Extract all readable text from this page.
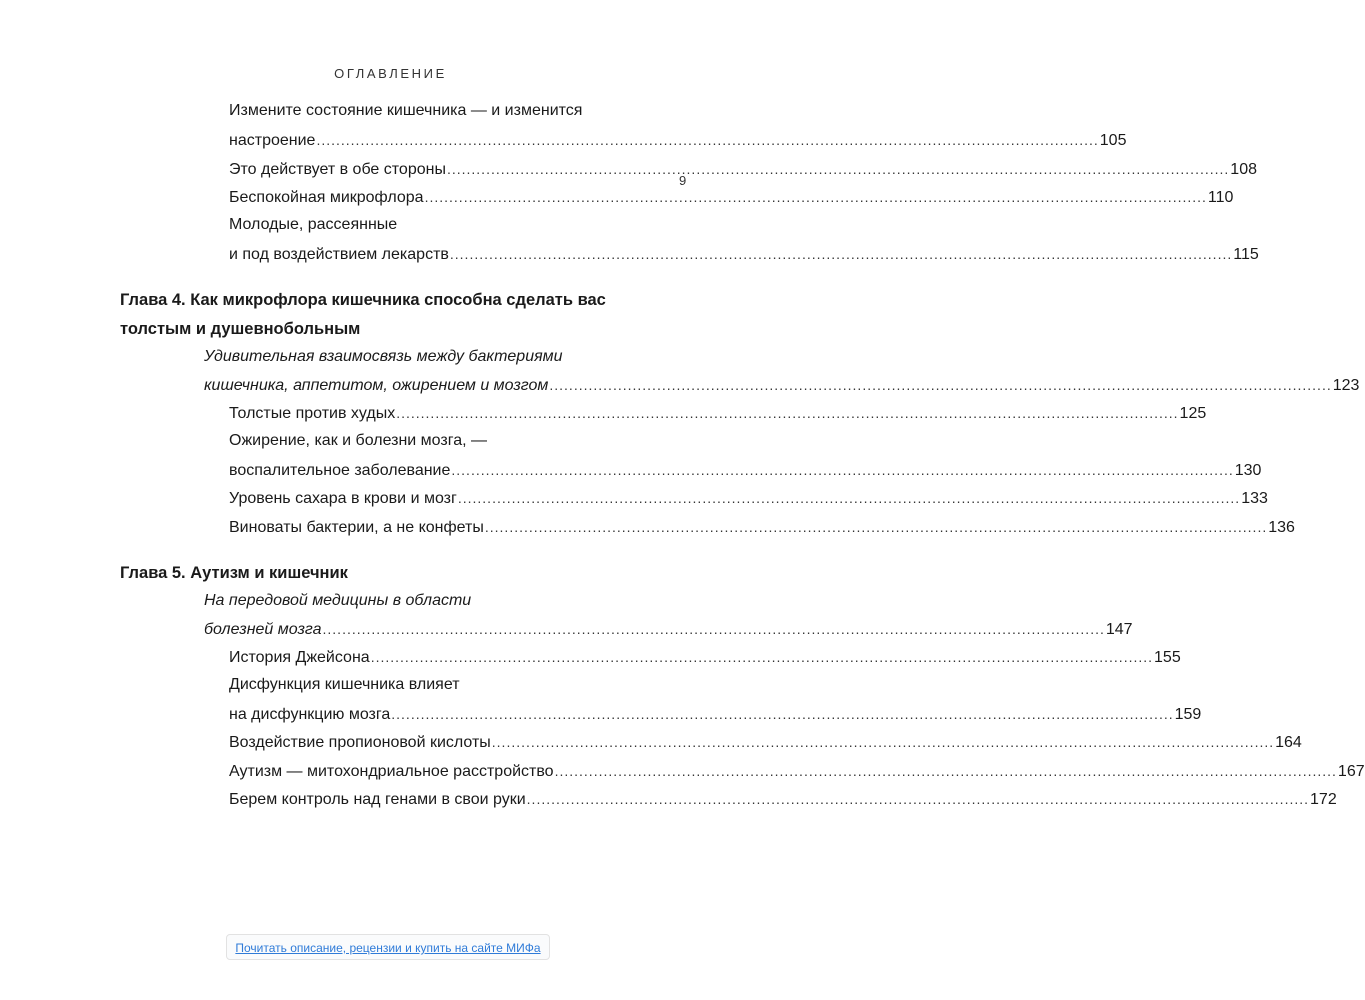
ОГЛАВЛЕНИЕ
9
Измените состояние кишечника — и изменится
настроение ................................................................................................................................................................ 105
Это действует в обе стороны ................................................................................................................................................................ 108
Беспокойная микрофлора ................................................................................................................................................................ 110
Молодые, рассеянные
и под воздействием лекарств ................................................................................................................................................................ 115
Глава 4. Как микрофлора кишечника способна сделать вас
толстым и душевнобольным
Удивительная взаимосвязь между бактериями
кишечника, аппетитом, ожирением и мозгом ................................................................................................................................................................ 123
Толстые против худых ................................................................................................................................................................ 125
Ожирение, как и болезни мозга, —
воспалительное заболевание ................................................................................................................................................................ 130
Уровень сахара в крови и мозг ................................................................................................................................................................ 133
Виноваты бактерии, а не конфеты ................................................................................................................................................................ 136
Глава 5. Аутизм и кишечник
На передовой медицины в области
болезней мозга ................................................................................................................................................................ 147
История Джейсона ................................................................................................................................................................ 155
Дисфункция кишечника влияет
на дисфункцию мозга ................................................................................................................................................................ 159
Воздействие пропионовой кислоты ................................................................................................................................................................ 164
Аутизм — митохондриальное расстройство ................................................................................................................................................................ 167
Берем контроль над генами в свои руки ................................................................................................................................................................ 172
Почитать описание, рецензии и купить на сайте МИФа
